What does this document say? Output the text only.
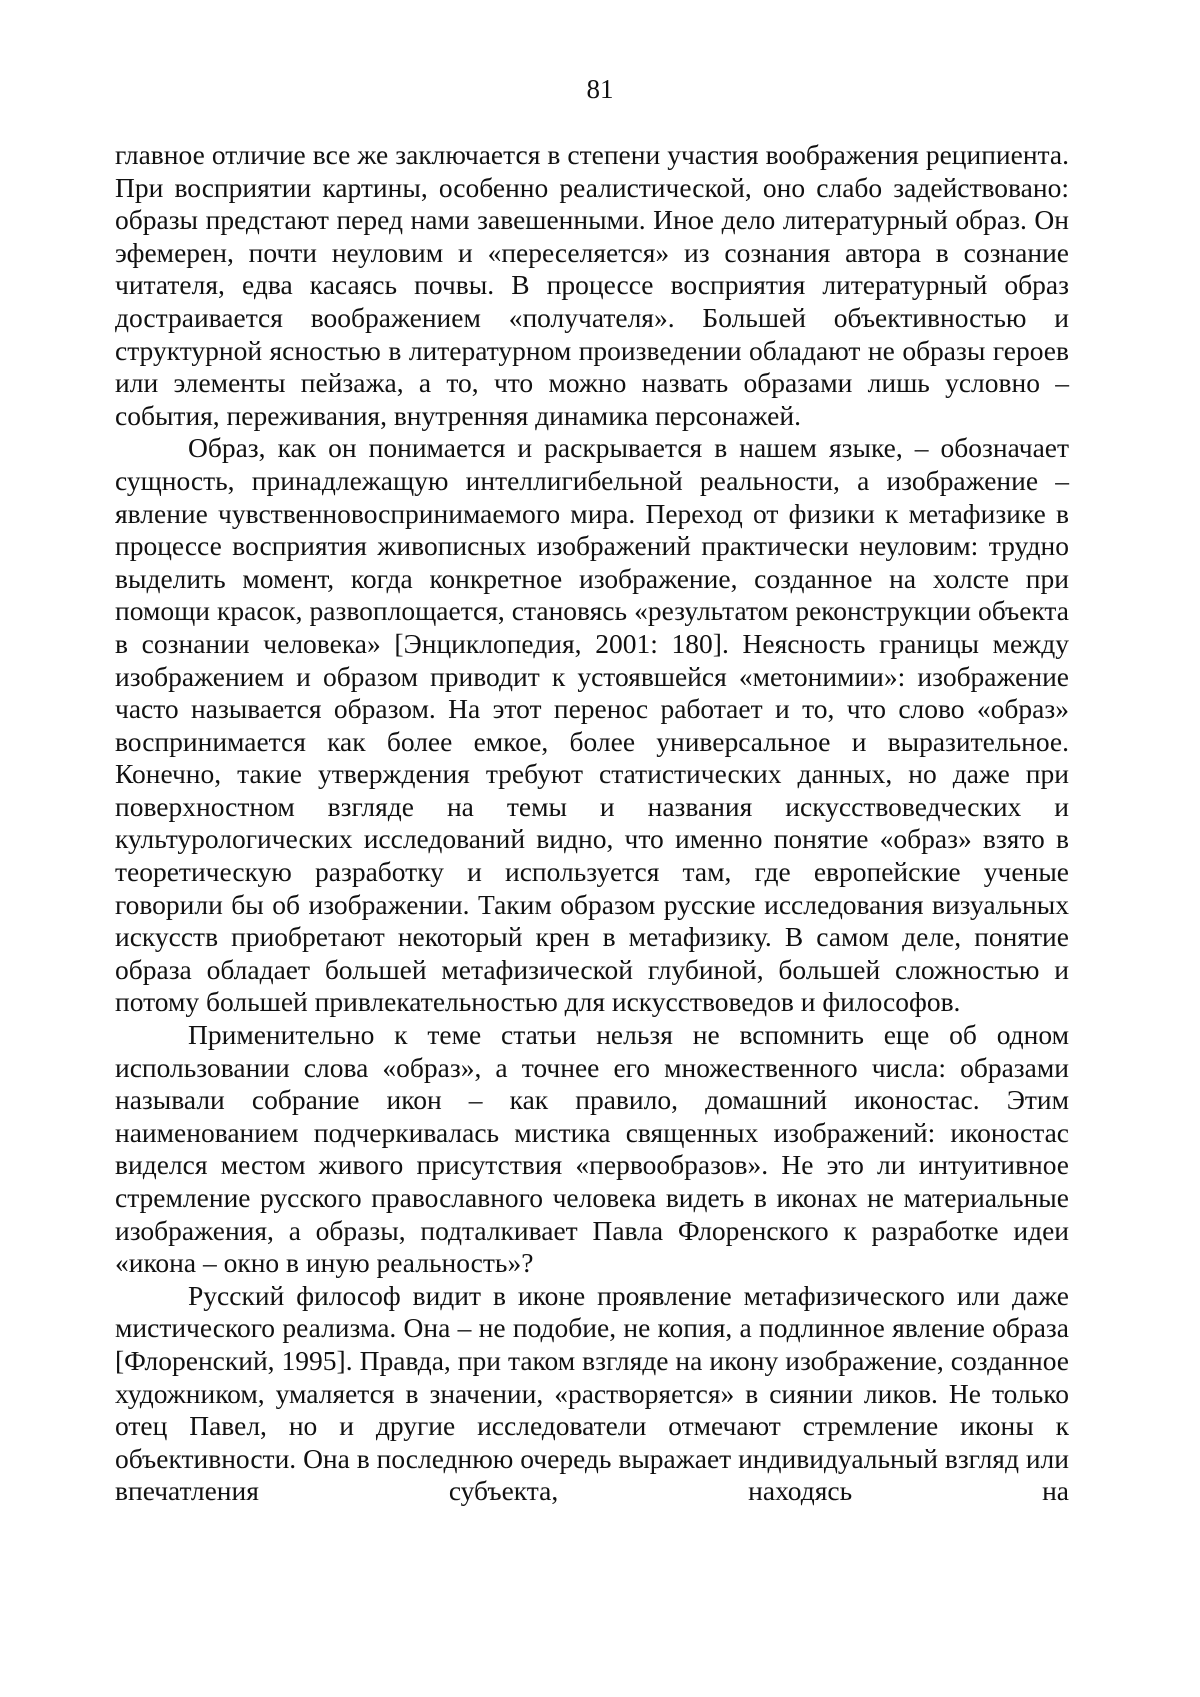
81

главное отличие все же заключается в степени участия воображения реципиента. При восприятии картины, особенно реалистической, оно слабо задействовано: образы предстают перед нами завешенными. Иное дело литературный образ. Он эфемерен, почти неуловим и «переселяется» из сознания автора в сознание читателя, едва касаясь почвы. В процессе восприятия литературный образ достраивается воображением «получателя». Большей объективностью и структурной ясностью в литературном произведении обладают не образы героев или элементы пейзажа, а то, что можно назвать образами лишь условно – события, переживания, внутренняя динамика персонажей.

Образ, как он понимается и раскрывается в нашем языке, – обозначает сущность, принадлежащую интеллигибельной реальности, а изображение – явление чувственновоспринимаемого мира. Переход от физики к метафизике в процессе восприятия живописных изображений практически неуловим: трудно выделить момент, когда конкретное изображение, созданное на холсте при помощи красок, развоплощается, становясь «результатом реконструкции объекта в сознании человека» [Энциклопедия, 2001: 180]. Неясность границы между изображением и образом приводит к устоявшейся «метонимии»: изображение часто называется образом. На этот перенос работает и то, что слово «образ» воспринимается как более емкое, более универсальное и выразительное. Конечно, такие утверждения требуют статистических данных, но даже при поверхностном взгляде на темы и названия искусствоведческих и культурологических исследований видно, что именно понятие «образ» взято в теоретическую разработку и используется там, где европейские ученые говорили бы об изображении. Таким образом русские исследования визуальных искусств приобретают некоторый крен в метафизику. В самом деле, понятие образа обладает большей метафизической глубиной, большей сложностью и потому большей привлекательностью для искусствоведов и философов.

Применительно к теме статьи нельзя не вспомнить еще об одном использовании слова «образ», а точнее его множественного числа: образами называли собрание икон – как правило, домашний иконостас. Этим наименованием подчеркивалась мистика священных изображений: иконостас виделся местом живого присутствия «первообразов». Не это ли интуитивное стремление русского православного человека видеть в иконах не материальные изображения, а образы, подталкивает Павла Флоренского к разработке идеи «икона – окно в иную реальность»?

Русский философ видит в иконе проявление метафизического или даже мистического реализма. Она – не подобие, не копия, а подлинное явление образа [Флоренский, 1995]. Правда, при таком взгляде на икону изображение, созданное художником, умаляется в значении, «растворяется» в сиянии ликов. Не только отец Павел, но и другие исследователи отмечают стремление иконы к объективности. Она в последнюю очередь выражает индивидуальный взгляд или впечатления субъекта, находясь на
